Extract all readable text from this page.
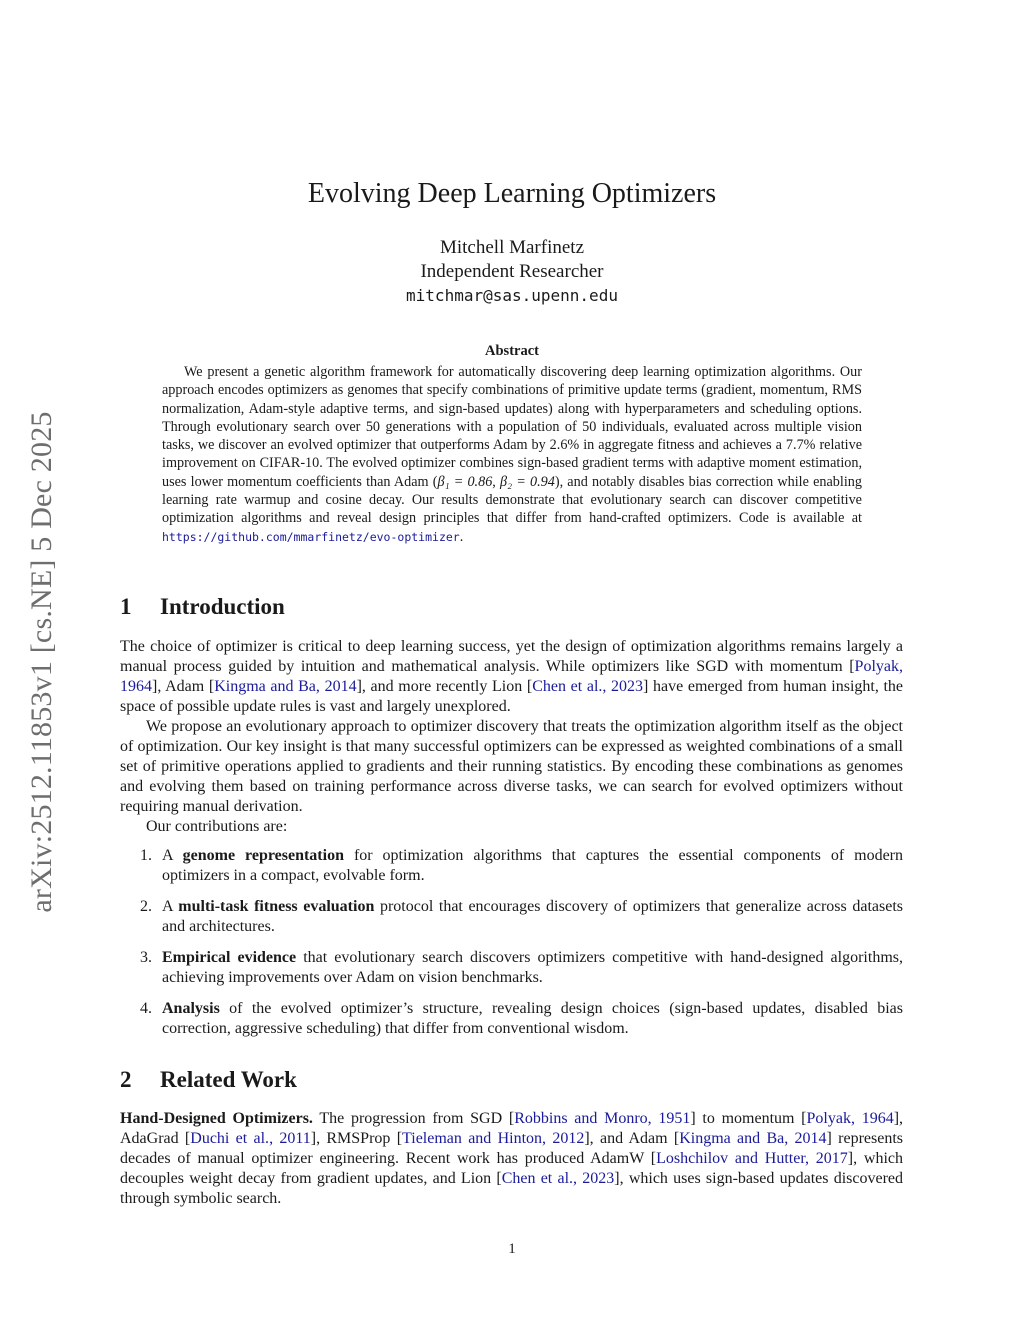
arXiv:2512.11853v1 [cs.NE] 5 Dec 2025
Evolving Deep Learning Optimizers
Mitchell Marfinetz
Independent Researcher
mitchmar@sas.upenn.edu
Abstract
We present a genetic algorithm framework for automatically discovering deep learning optimization algorithms. Our approach encodes optimizers as genomes that specify combinations of primitive update terms (gradient, momentum, RMS normalization, Adam-style adaptive terms, and sign-based updates) along with hyperparameters and scheduling options. Through evolutionary search over 50 generations with a population of 50 individuals, evaluated across multiple vision tasks, we discover an evolved optimizer that outperforms Adam by 2.6% in aggregate fitness and achieves a 7.7% relative improvement on CIFAR-10. The evolved optimizer combines sign-based gradient terms with adaptive moment estimation, uses lower momentum coefficients than Adam (β₁ = 0.86, β₂ = 0.94), and notably disables bias correction while enabling learning rate warmup and cosine decay. Our results demonstrate that evolutionary search can discover competitive optimization algorithms and reveal design principles that differ from hand-crafted optimizers. Code is available at https://github.com/mmarfinetz/evo-optimizer.
1 Introduction

The choice of optimizer is critical to deep learning success, yet the design of optimization algorithms remains largely a manual process guided by intuition and mathematical analysis. While optimizers like SGD with momentum [Polyak, 1964], Adam [Kingma and Ba, 2014], and more recently Lion [Chen et al., 2023] have emerged from human insight, the space of possible update rules is vast and largely unexplored.

We propose an evolutionary approach to optimizer discovery that treats the optimization algorithm itself as the object of optimization. Our key insight is that many successful optimizers can be expressed as weighted combinations of a small set of primitive operations applied to gradients and their running statistics. By encoding these combinations as genomes and evolving them based on training performance across diverse tasks, we can search for evolved optimizers without requiring manual derivation.

Our contributions are:

1. A genome representation for optimization algorithms that captures the essential components of modern optimizers in a compact, evolvable form.
2. A multi-task fitness evaluation protocol that encourages discovery of optimizers that generalize across datasets and architectures.
3. Empirical evidence that evolutionary search discovers optimizers competitive with hand-designed algorithms, achieving improvements over Adam on vision benchmarks.
4. Analysis of the evolved optimizer’s structure, revealing design choices (sign-based updates, disabled bias correction, aggressive scheduling) that differ from conventional wisdom.
2 Related Work

Hand-Designed Optimizers. The progression from SGD [Robbins and Monro, 1951] to momentum [Polyak, 1964], AdaGrad [Duchi et al., 2011], RMSProp [Tieleman and Hinton, 2012], and Adam [Kingma and Ba, 2014] represents decades of manual optimizer engineering. Recent work has produced AdamW [Loshchilov and Hutter, 2017], which decouples weight decay from gradient updates, and Lion [Chen et al., 2023], which uses sign-based updates discovered through symbolic search.

1
